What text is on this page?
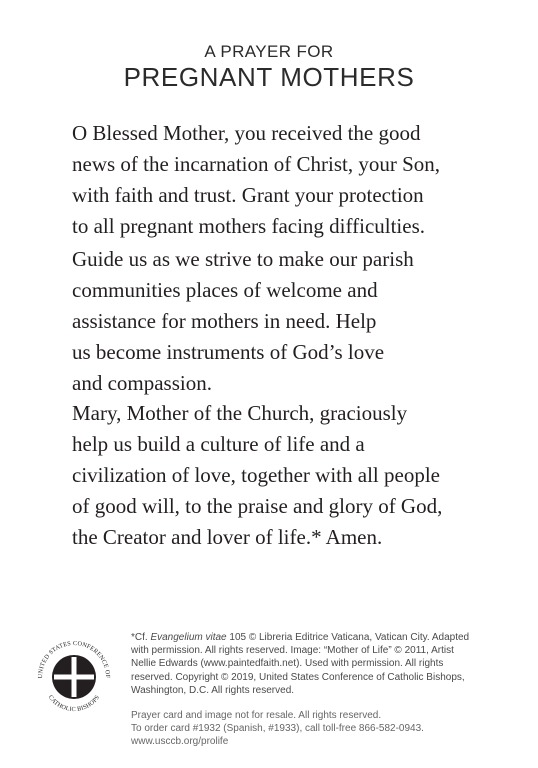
A PRAYER FOR
PREGNANT MOTHERS
O Blessed Mother, you received the good
news of the incarnation of Christ, your Son,
with faith and trust. Grant your protection
to all pregnant mothers facing difficulties.
Guide us as we strive to make our parish
communities places of welcome and
assistance for mothers in need. Help
us become instruments of God’s love
and compassion.
Mary, Mother of the Church, graciously
help us build a culture of life and a
civilization of love, together with all people
of good will, to the praise and glory of God,
the Creator and lover of life.* Amen.
UNITED STATES CONFERENCE OF
CATHOLIC BISHOPS
*Cf. Evangelium vitae 105 © Libreria Editrice Vaticana, Vatican City. Adapted
with permission. All rights reserved. Image: “Mother of Life” © 2011, Artist
Nellie Edwards (www.paintedfaith.net). Used with permission. All rights
reserved. Copyright © 2019, United States Conference of Catholic Bishops,
Washington, D.C. All rights reserved.
Prayer card and image not for resale. All rights reserved.
To order card #1932 (Spanish, #1933), call toll-free 866-582-0943.
www.usccb.org/prolife
